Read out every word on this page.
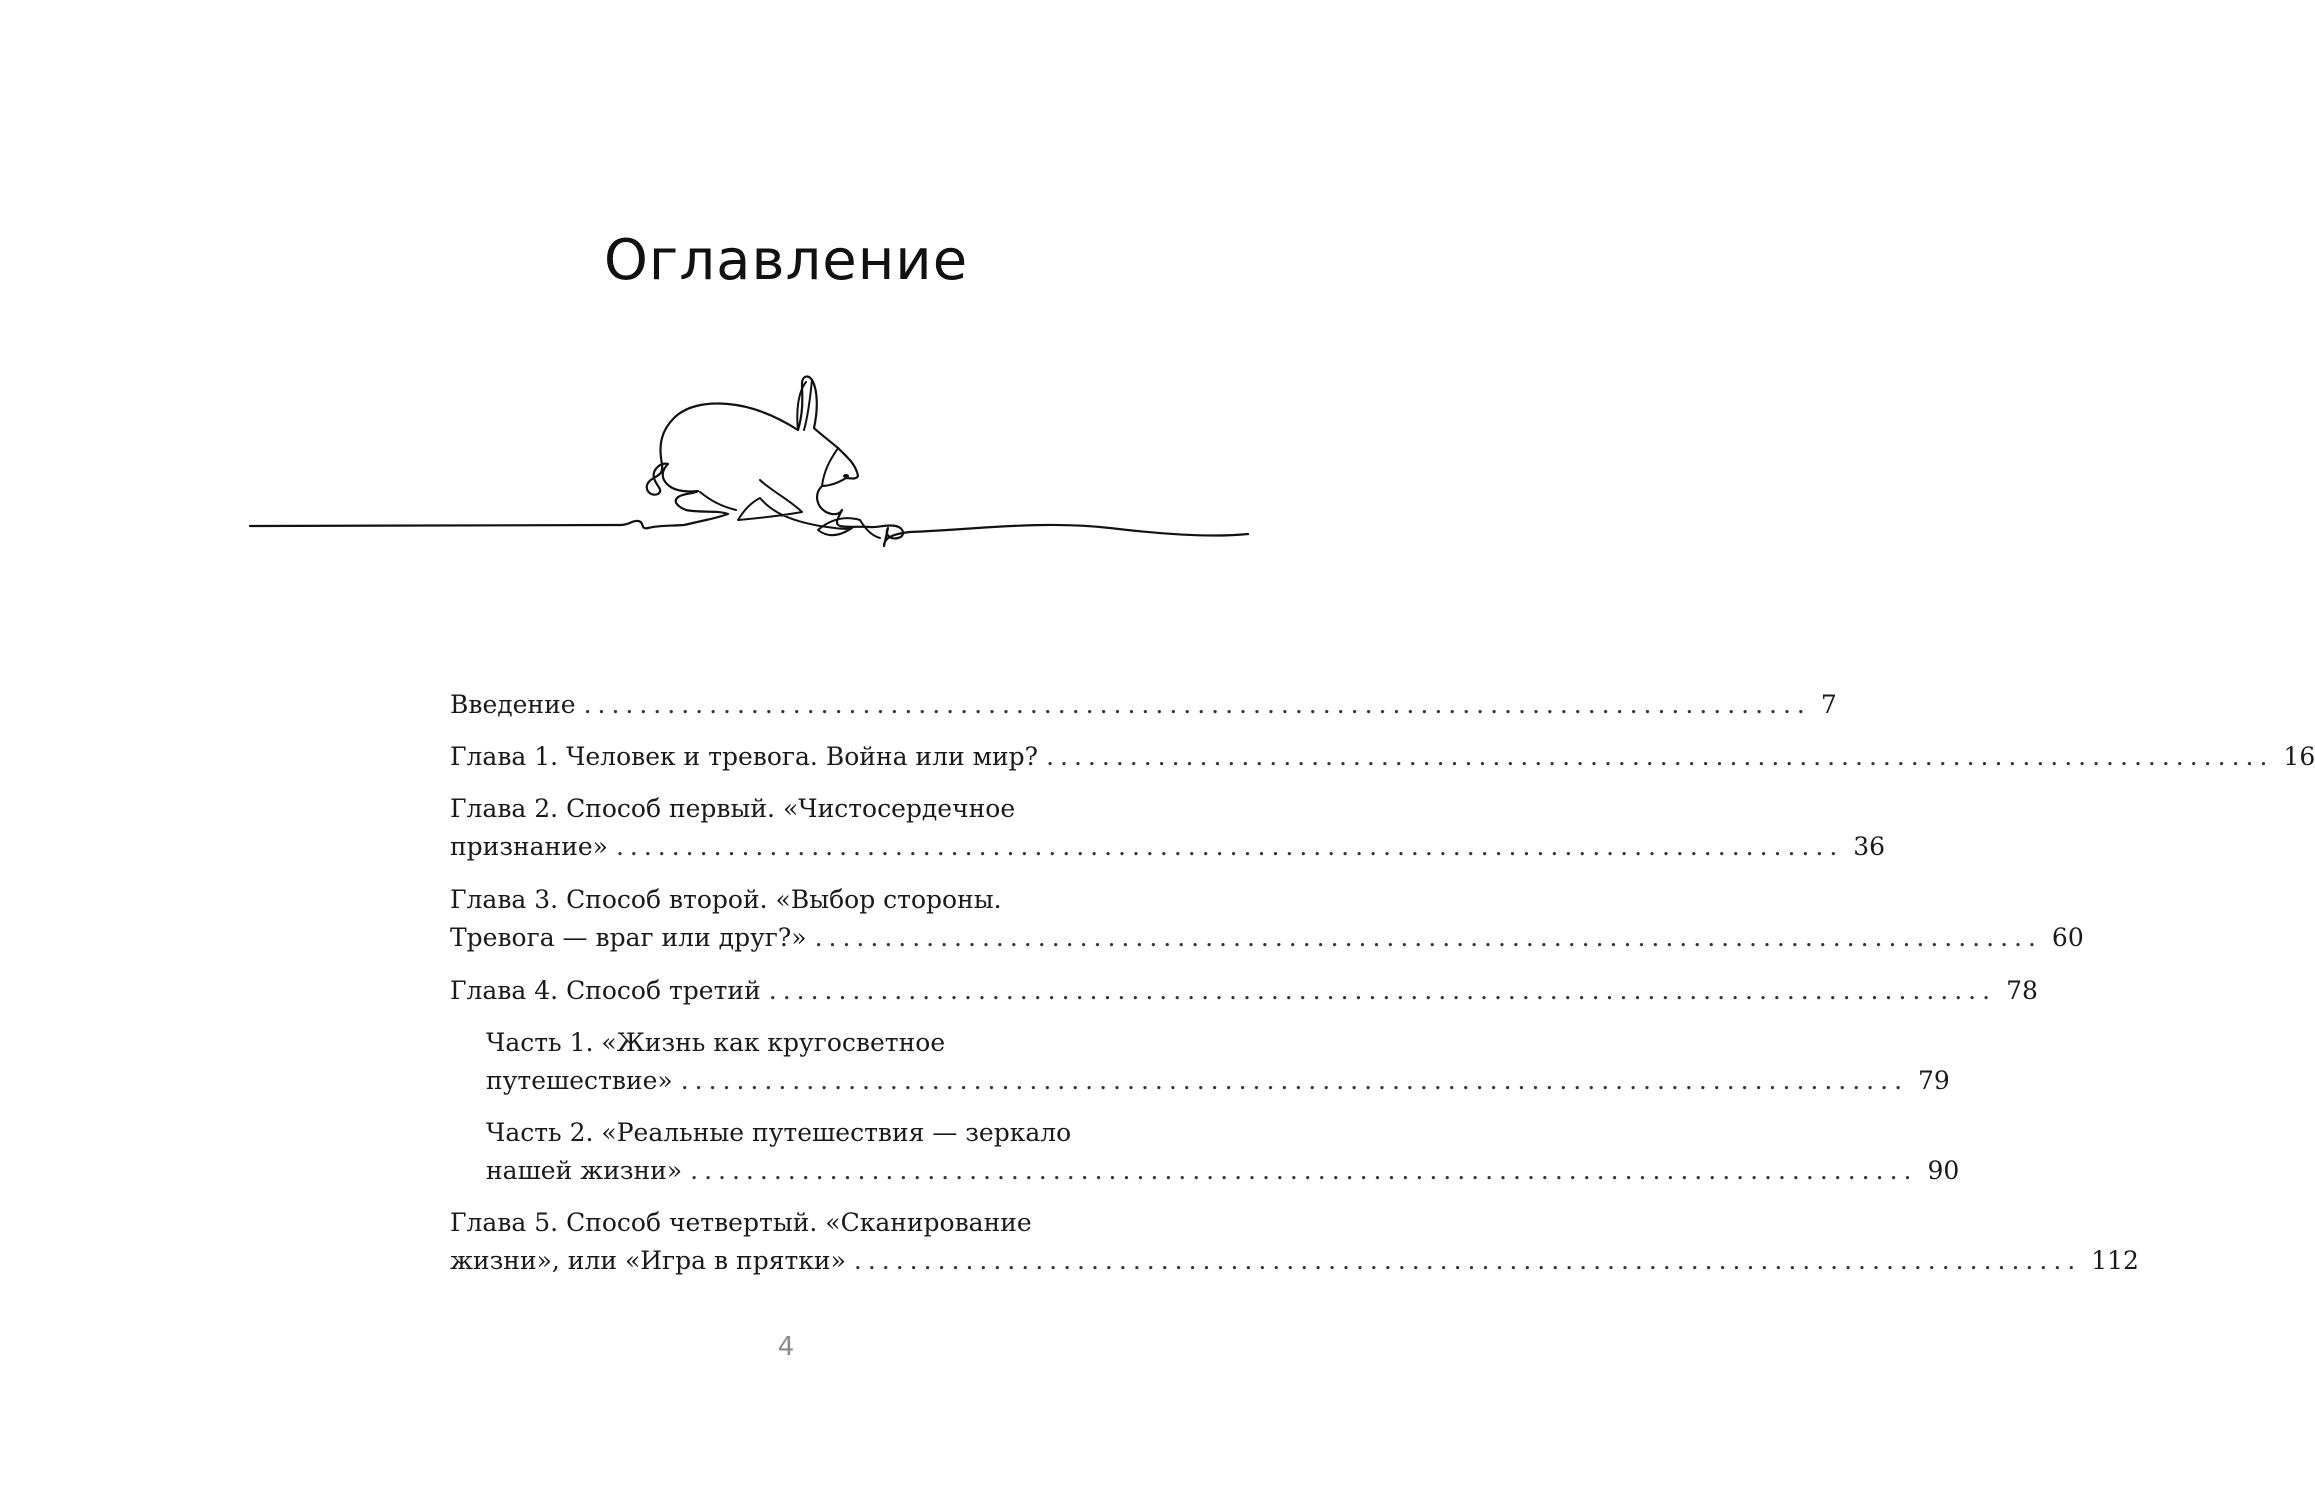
Оглавление
Введение ........................................................................................ 7
Глава 1. Человек и тревога. Война или мир? ........................................................................................ 16
Глава 2. Способ первый. «Чистосердечное
признание» ........................................................................................ 36
Глава 3. Способ второй. «Выбор стороны.
Тревога — враг или друг?» ........................................................................................ 60
Глава 4. Способ третий ........................................................................................ 78
Часть 1. «Жизнь как кругосветное
путешествие» ........................................................................................ 79
Часть 2. «Реальные путешествия — зеркало
нашей жизни» ........................................................................................ 90
Глава 5. Способ четвертый. «Сканирование
жизни», или «Игра в прятки» ........................................................................................ 112
4
